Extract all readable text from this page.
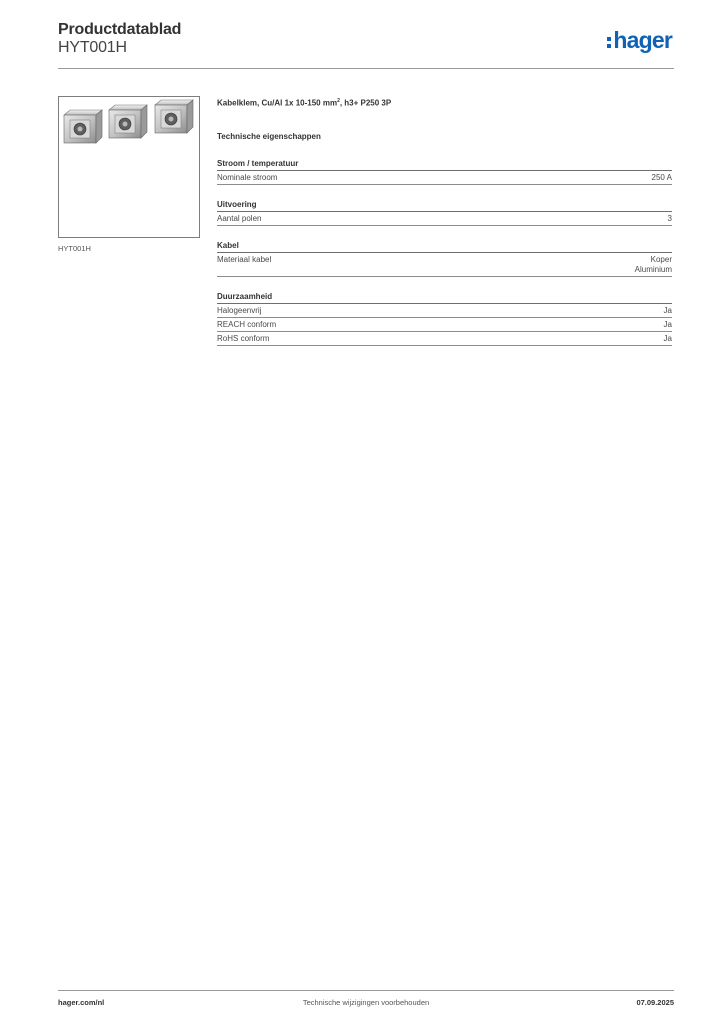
Productdatablad
HYT001H	hager
HYT001H
Kabelklem, Cu/Al 1x 10-150 $mm^2$, h3+ P250 3P
Technische eigenschappen
Stroom / temperatuur
Nominale stroom	250 A
Uitvoering
Aantal polen	3
Kabel
Materiaal kabel	Koper
Aluminium
Duurzaamheid
Halogeenvrij	Ja
REACH conform	Ja
RoHS conform	Ja
Technische wijzigingen voorbehouden
hager.com/nl	07.09.2025
